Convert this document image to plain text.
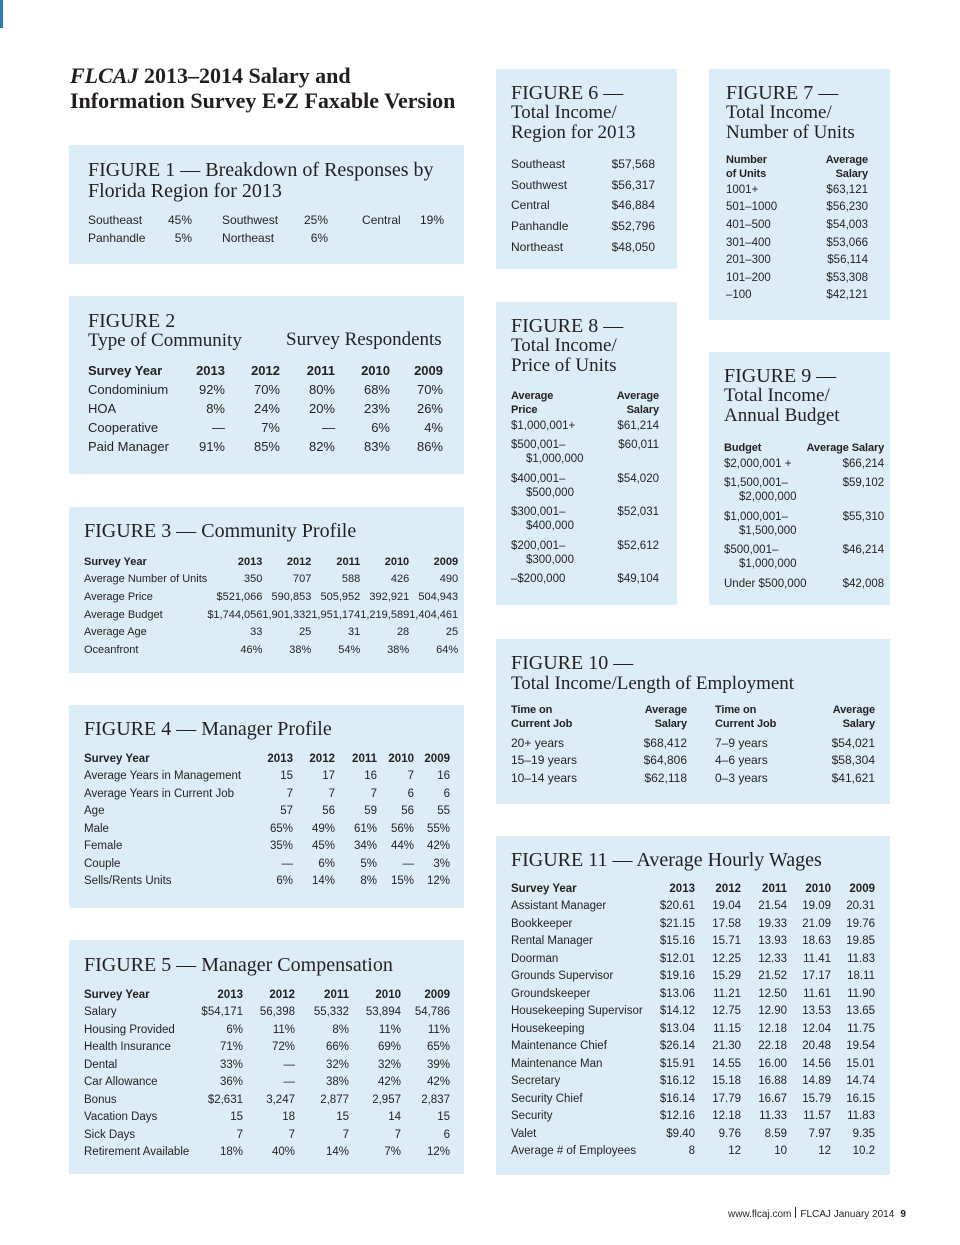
FLCAJ 2013–2014 Salary and
Information Survey E•Z Faxable Version
FIGURE 1 — Breakdown of Responses by
Florida Region for 2013
Southeast	45%		Southwest	25%		Central	19%
Panhandle	5%		Northeast	6%			
FIGURE 2
Type of Community Survey Respondents
Survey Year	2013	2012	2011	2010	2009
Condominium	92%	70%	80%	68%	70%
HOA	8%	24%	20%	23%	26%
Cooperative	—	7%	—	6%	4%
Paid Manager	91%	85%	82%	83%	86%
FIGURE 3 — Community Profile
Survey Year	2013	2012	2011	2010	2009
Average Number of Units	350	707	588	426	490
Average Price	$521,066	590,853	505,952	392,921	504,943
Average Budget	$1,744,056	1,901,332	1,951,174	1,219,589	1,404,461
Average Age	33	25	31	28	25
Oceanfront	46%	38%	54%	38%	64%
FIGURE 4 — Manager Profile
Survey Year	2013	2012	2011	2010	2009
Average Years in Management	15	17	16	7	16
Average Years in Current Job	7	7	7	6	6
Age	57	56	59	56	55
Male	65%	49%	61%	56%	55%
Female	35%	45%	34%	44%	42%
Couple	—	6%	5%	—	3%
Sells/Rents Units	6%	14%	8%	15%	12%
FIGURE 5 — Manager Compensation
Survey Year	2013	2012	2011	2010	2009
Salary	$54,171	56,398	55,332	53,894	54,786
Housing Provided	6%	11%	8%	11%	11%
Health Insurance	71%	72%	66%	69%	65%
Dental	33%	—	32%	32%	39%
Car Allowance	36%	—	38%	42%	42%
Bonus	$2,631	3,247	2,877	2,957	2,837
Vacation Days	15	18	15	14	15
Sick Days	7	7	7	7	6
Retirement Available	18%	40%	14%	7%	12%
FIGURE 6 —
Total Income/
Region for 2013
Southeast	$57,568
Southwest	$56,317
Central	$46,884
Panhandle	$52,796
Northeast	$48,050
FIGURE 7 —
Total Income/
Number of Units
Number
of Units	Average
Salary
1001+	$63,121
501–1000	$56,230
401–500	$54,003
301–400	$53,066
201–300	$56,114
101–200	$53,308
–100	$42,121
FIGURE 8 —
Total Income/
Price of Units
Average
Price	Average
Salary

$1,000,001+	$61,214

$500,001–
$1,000,000	$60,011

$400,001–
$500,000	$54,020

$300,001–
$400,000	$52,031

$200,001–
$300,000	$52,612

–$200,000	$49,104
FIGURE 9 —
Total Income/
Annual Budget
Budget	Average Salary

$2,000,001 +	$66,214

$1,500,001–
$2,000,000	$59,102

$1,000,001–
$1,500,000	$55,310

$500,001–
$1,000,000	$46,214

Under $500,000	$42,008
FIGURE 10 —
Total Income/Length of Employment
Time on
Current Job	Average
Salary		Time on
Current Job	Average
Salary
20+ years	$68,412		7–9 years	$54,021
15–19 years	$64,806		4–6 years	$58,304
10–14 years	$62,118		0–3 years	$41,621
FIGURE 11 — Average Hourly Wages
Survey Year	2013	2012	2011	2010	2009
Assistant Manager	$20.61	19.04	21.54	19.09	20.31
Bookkeeper	$21.15	17.58	19.33	21.09	19.76
Rental Manager	$15.16	15.71	13.93	18.63	19.85
Doorman	$12.01	12.25	12.33	11.41	11.83
Grounds Supervisor	$19.16	15.29	21.52	17.17	18.11
Groundskeeper	$13.06	11.21	12.50	11.61	11.90
Housekeeping Supervisor	$14.12	12.75	12.90	13.53	13.65
Housekeeping	$13.04	11.15	12.18	12.04	11.75
Maintenance Chief	$26.14	21.30	22.18	20.48	19.54
Maintenance Man	$15.91	14.55	16.00	14.56	15.01
Secretary	$16.12	15.18	16.88	14.89	14.74
Security Chief	$16.14	17.79	16.67	15.79	16.15
Security	$12.16	12.18	11.33	11.57	11.83
Valet	$9.40	9.76	8.59	7.97	9.35
Average # of Employees	8	12	10	12	10.2
www.flcaj.com FLCAJ January 2014 9
